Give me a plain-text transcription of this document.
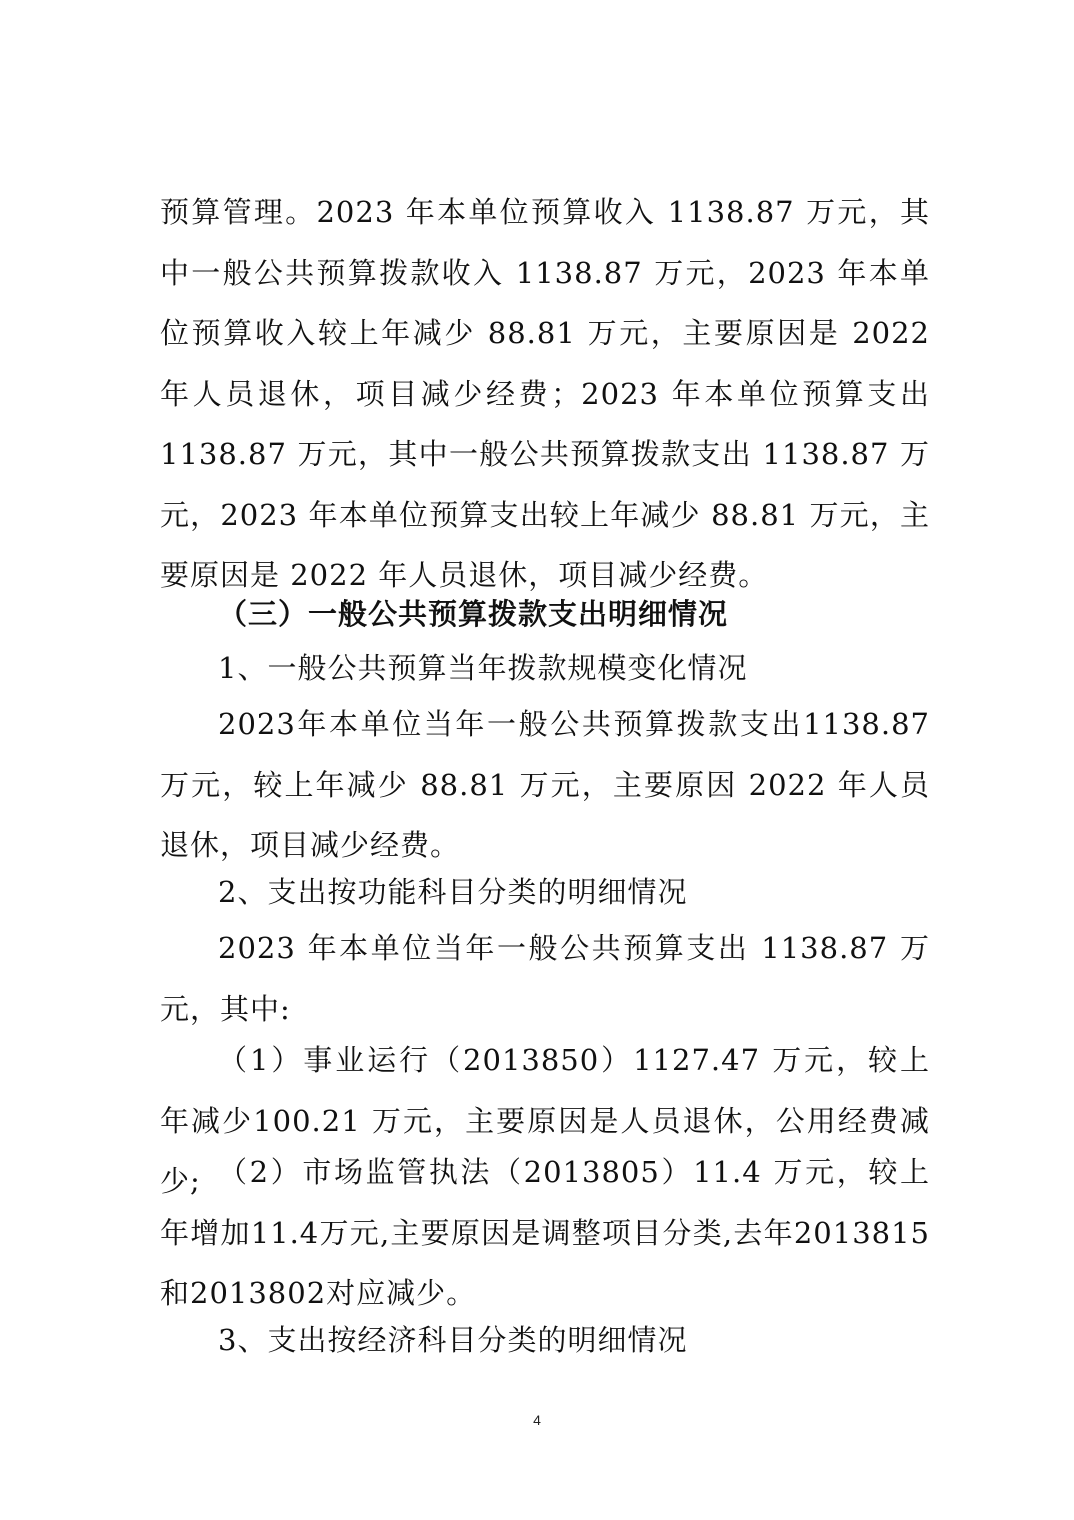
预算管理。2023 年本单位预算收入 1138.87 万元，其中一般公共预算拨款收入 1138.87 万元，2023 年本单位预算收入较上年减少 88.81 万元，主要原因是 2022 年人员退休，项目减少经费；2023 年本单位预算支出 1138.87 万元，其中一般公共预算拨款支出 1138.87 万元，2023 年本单位预算支出较上年减少 88.81 万元，主要原因是 2022 年人员退休，项目减少经费。

（三）一般公共预算拨款支出明细情况

1、一般公共预算当年拨款规模变化情况

2023年本单位当年一般公共预算拨款支出1138.87万元，较上年减少 88.81 万元，主要原因 2022 年人员退休，项目减少经费。

2、支出按功能科目分类的明细情况

2023 年本单位当年一般公共预算支出 1138.87 万元，其中:

（1）事业运行（2013850）1127.47 万元，较上年减少100.21 万元，主要原因是人员退休，公用经费减少; （2）市场监管执法（2013805）11.4 万元，较上年增加11.4万元,主要原因是调整项目分类,去年2013815和2013802对应减少。

3、支出按经济科目分类的明细情况

4
